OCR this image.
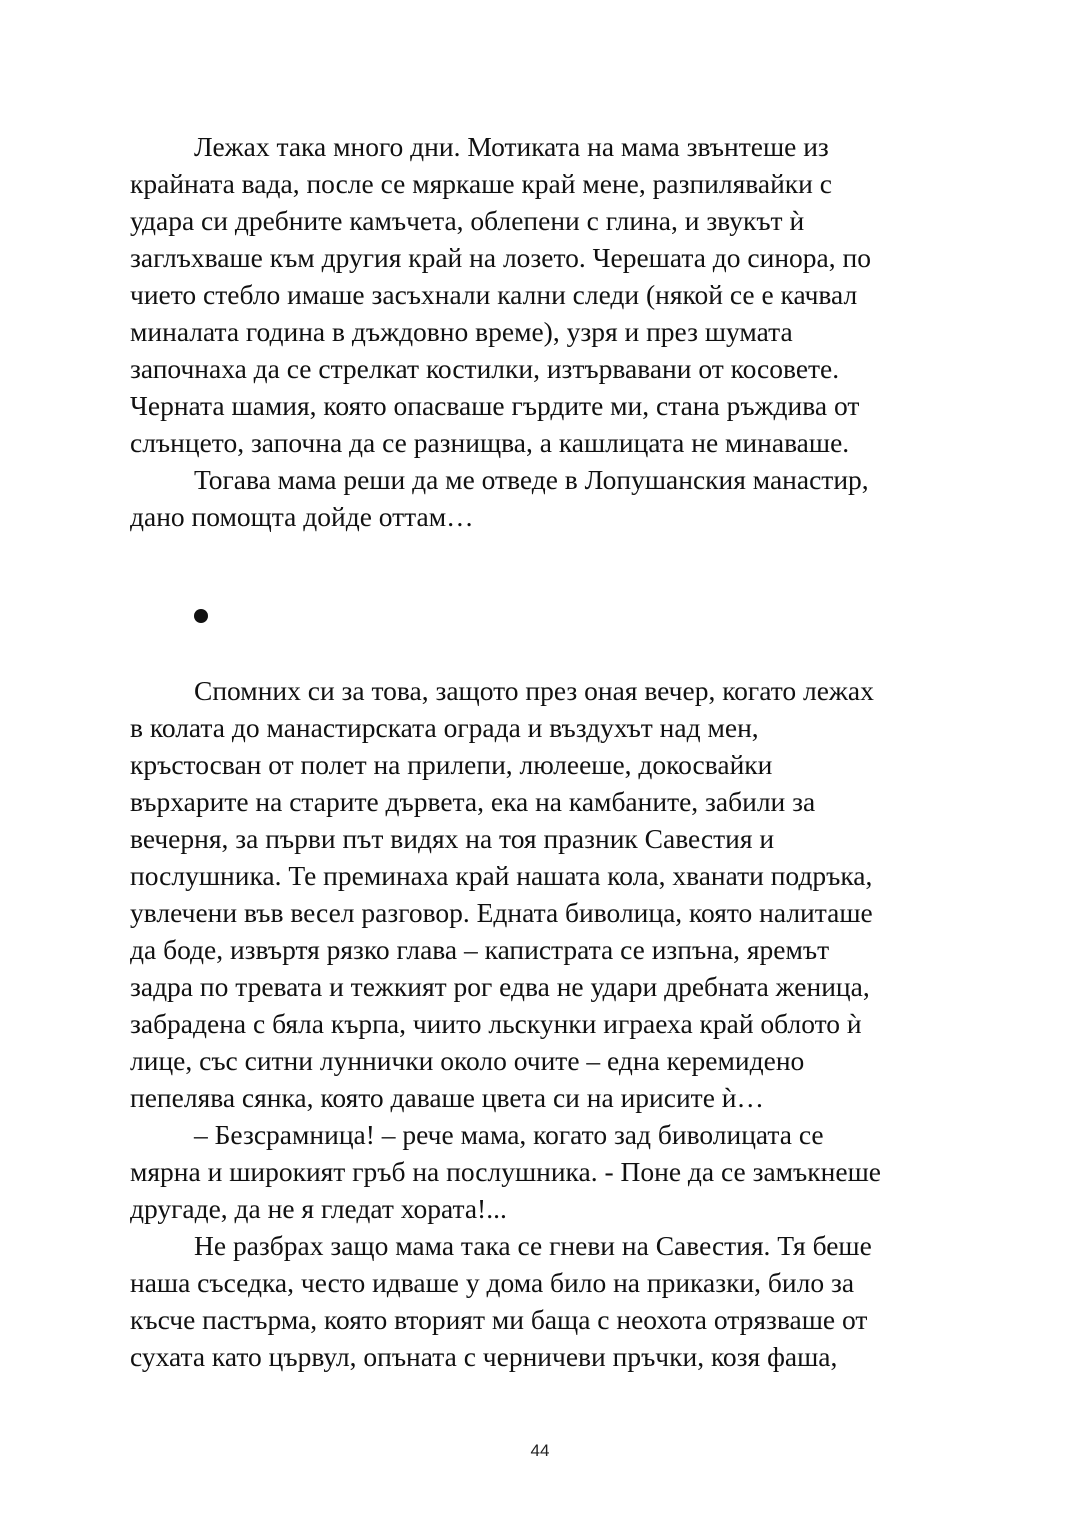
Лежах така много дни. Мотиката на мама звънтеше из
крайната вада, после се мяркаше край мене, разпилявайки с
удара си дребните камъчета, облепени с глина, и звукът ѝ
заглъхваше към другия край на лозето. Черешата до синора, по
чието стебло имаше засъхнали кални следи (някой се е качвал
миналата година в дъждовно време), узря и през шумата
започнаха да се стрелкат костилки, изтървавани от косовете.
Черната шамия, която опасваше гърдите ми, стана ръждива от
слънцето, започна да се разнищва, а кашлицата не минаваше.

Тогава мама реши да ме отведе в Лопушанския манастир,
дано помощта дойде оттам…

Спомних си за това, защото през оная вечер, когато лежах
в колата до манастирската ограда и въздухът над мен,
кръстосван от полет на прилепи, люлееше, докосвайки
върхарите на старите дървета, ека на камбаните, забили за
вечерня, за първи път видях на тоя празник Савестия и
послушника. Те преминаха край нашата кола, хванати подръка,
увлечени във весел разговор. Едната биволица, която налиташе
да боде, извъртя рязко глава – капистрата се изпъна, яремът
задра по тревата и тежкият рог едва не удари дребната женица,
забрадена с бяла кърпа, чиито льскунки играеха край облото ѝ
лице, със ситни луннички около очите – една керемидено
пепелява сянка, която даваше цвета си на ирисите ѝ…

– Безсрамница! – рече мама, когато зад биволицата се
мярна и широкият гръб на послушника. - Поне да се замъкнеше
другаде, да не я гледат хората!...

Не разбрах защо мама така се гневи на Савестия. Тя беше
наша съседка, често идваше у дома било на приказки, било за
късче пастърма, която вторият ми баща с неохота отрязваше от
сухата като цървул, опъната с черничеви пръчки, козя фаша,

44
